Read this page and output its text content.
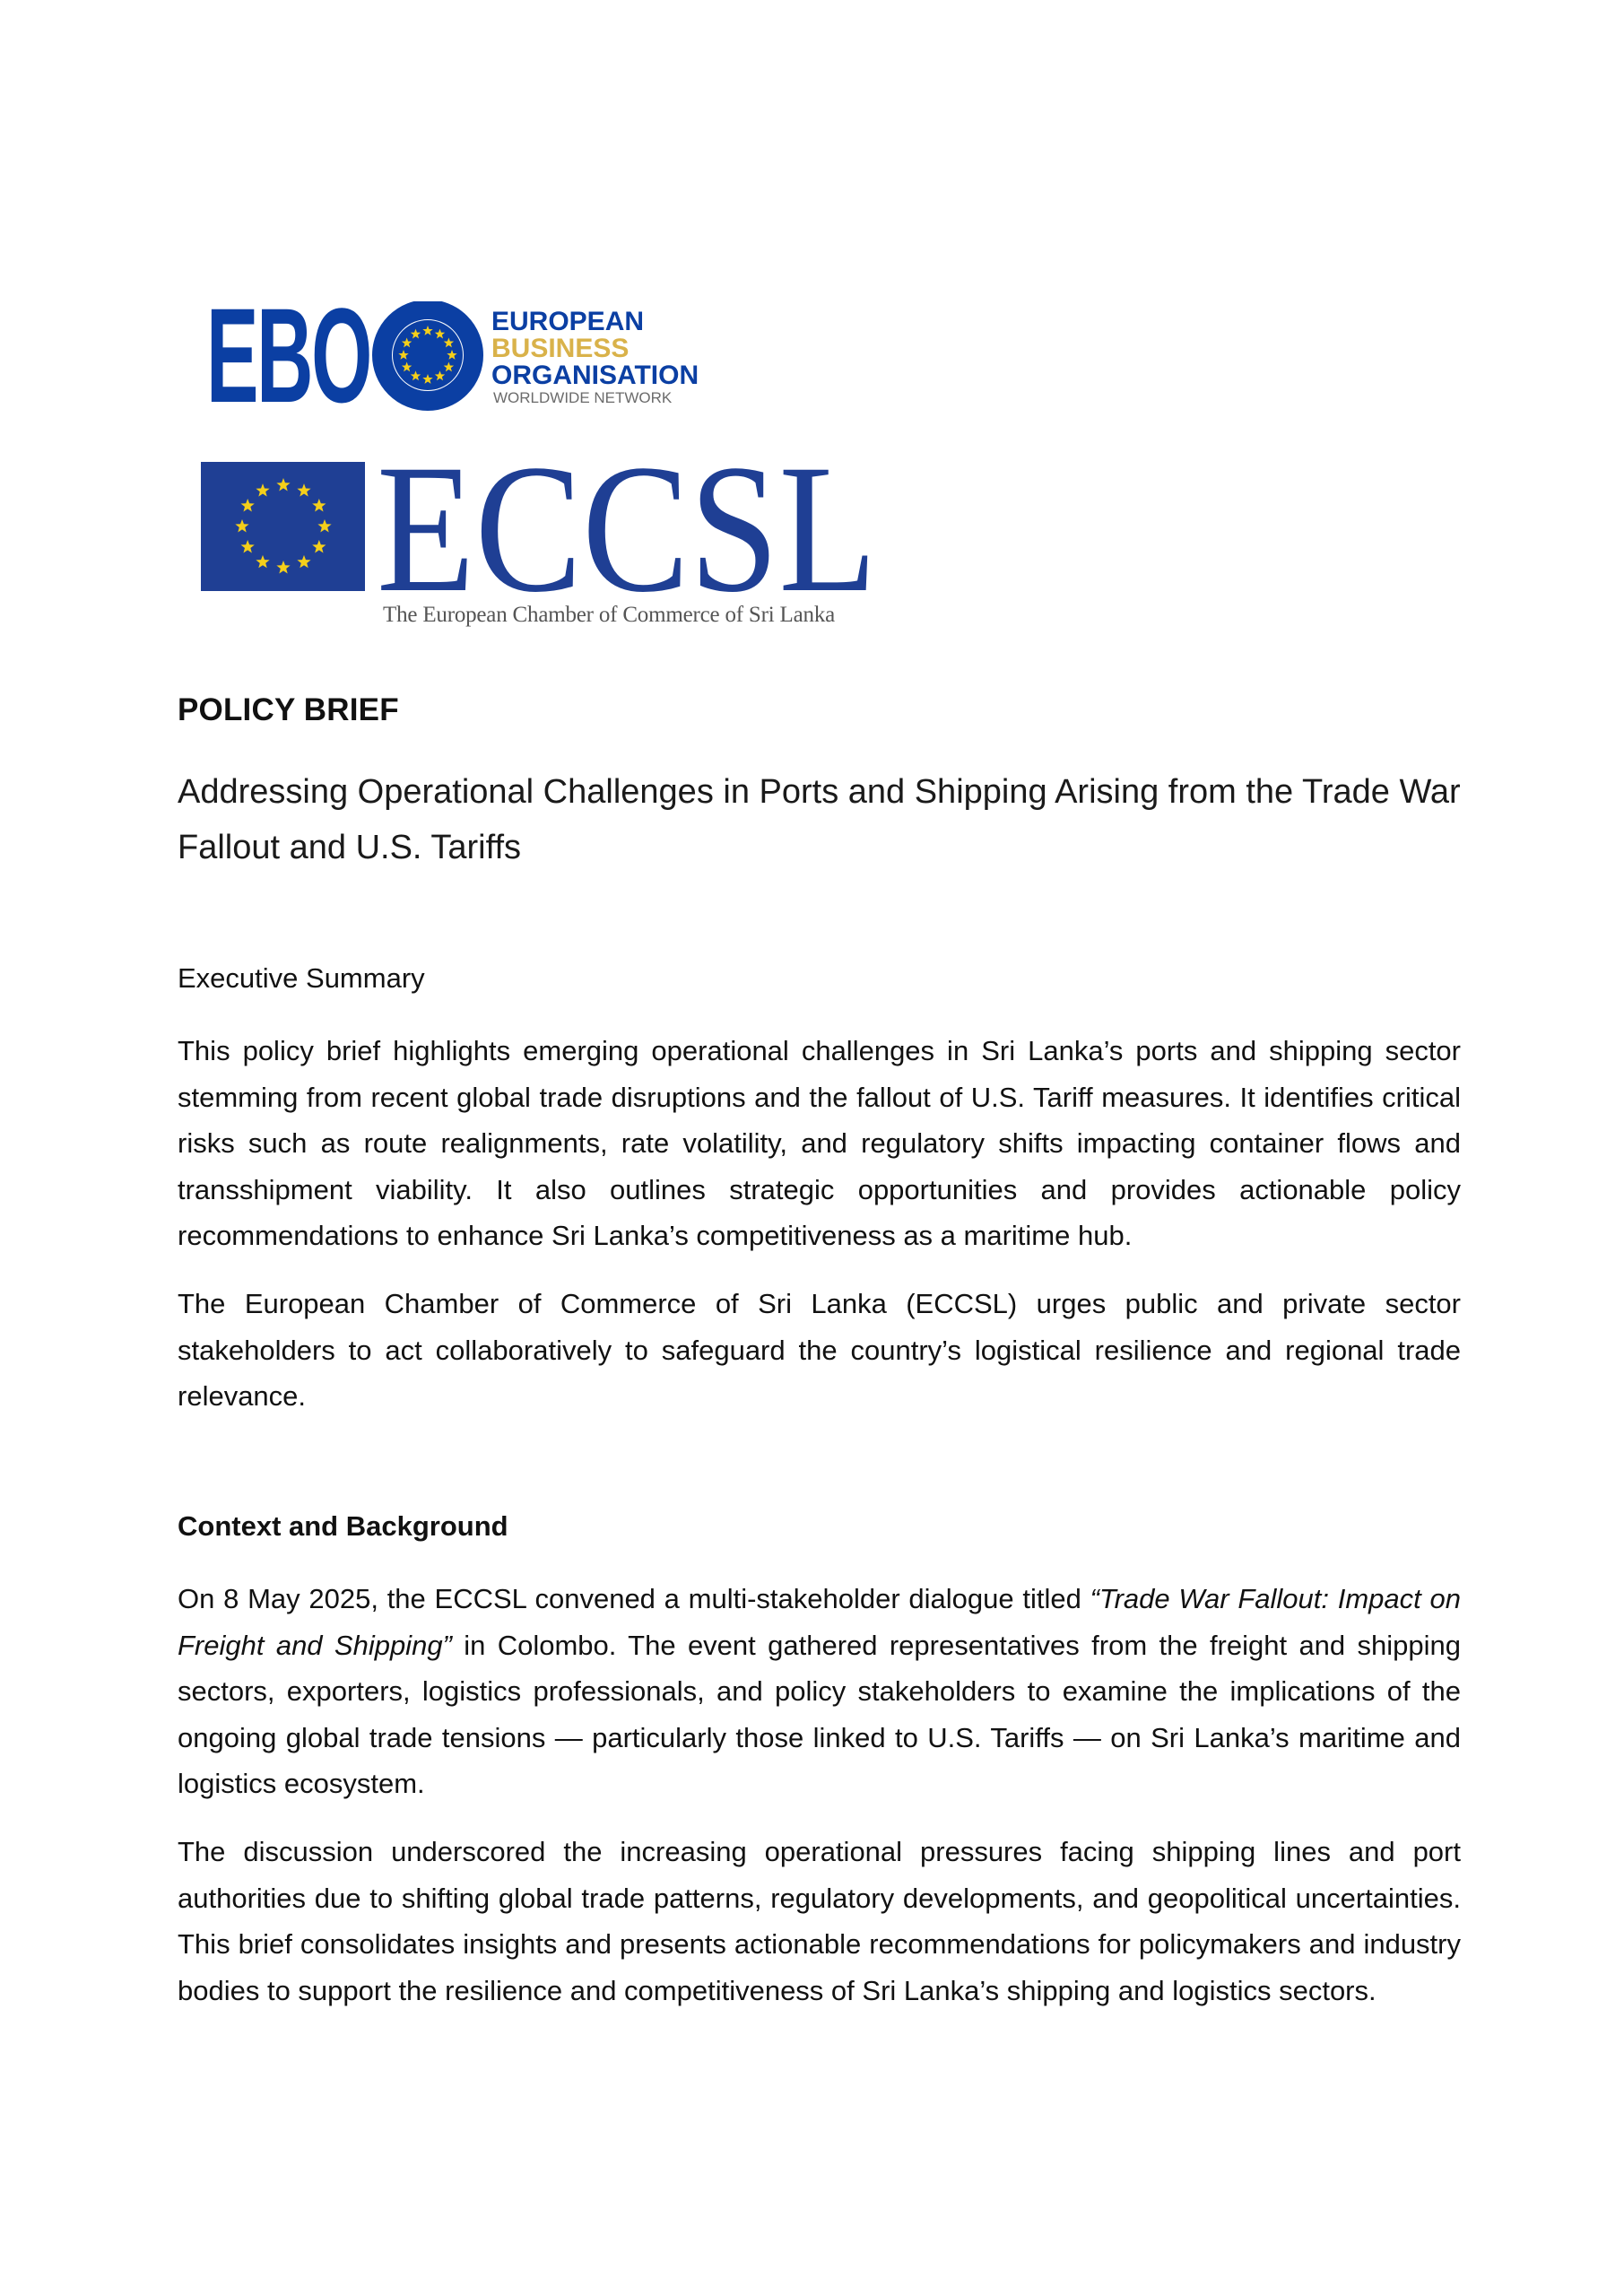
EBO	EUROPEAN
BUSINESS
ORGANISATION
WORLDWIDE NETWORK
ECCSL
The European Chamber of Commerce of Sri Lanka
POLICY BRIEF
Addressing Operational Challenges in Ports and Shipping Arising from the Trade War Fallout and U.S. Tariffs
Executive Summary

This policy brief highlights emerging operational challenges in Sri Lanka’s ports and shipping sector stemming from recent global trade disruptions and the fallout of U.S. Tariff measures. It identifies critical risks such as route realignments, rate volatility, and regulatory shifts impacting container flows and transshipment viability. It also outlines strategic opportunities and provides actionable policy recommendations to enhance Sri Lanka’s competitiveness as a maritime hub.

The European Chamber of Commerce of Sri Lanka (ECCSL) urges public and private sector stakeholders to act collaboratively to safeguard the country’s logistical resilience and regional trade relevance.

Context and Background

On 8 May 2025, the ECCSL convened a multi-stakeholder dialogue titled “Trade War Fallout: Impact on Freight and Shipping” in Colombo. The event gathered representatives from the freight and shipping sectors, exporters, logistics professionals, and policy stakeholders to examine the implications of the ongoing global trade tensions — particularly those linked to U.S. Tariffs — on Sri Lanka’s maritime and logistics ecosystem.

The discussion underscored the increasing operational pressures facing shipping lines and port authorities due to shifting global trade patterns, regulatory developments, and geopolitical uncertainties. This brief consolidates insights and presents actionable recommendations for policymakers and industry bodies to support the resilience and competitiveness of Sri Lanka’s shipping and logistics sectors.
